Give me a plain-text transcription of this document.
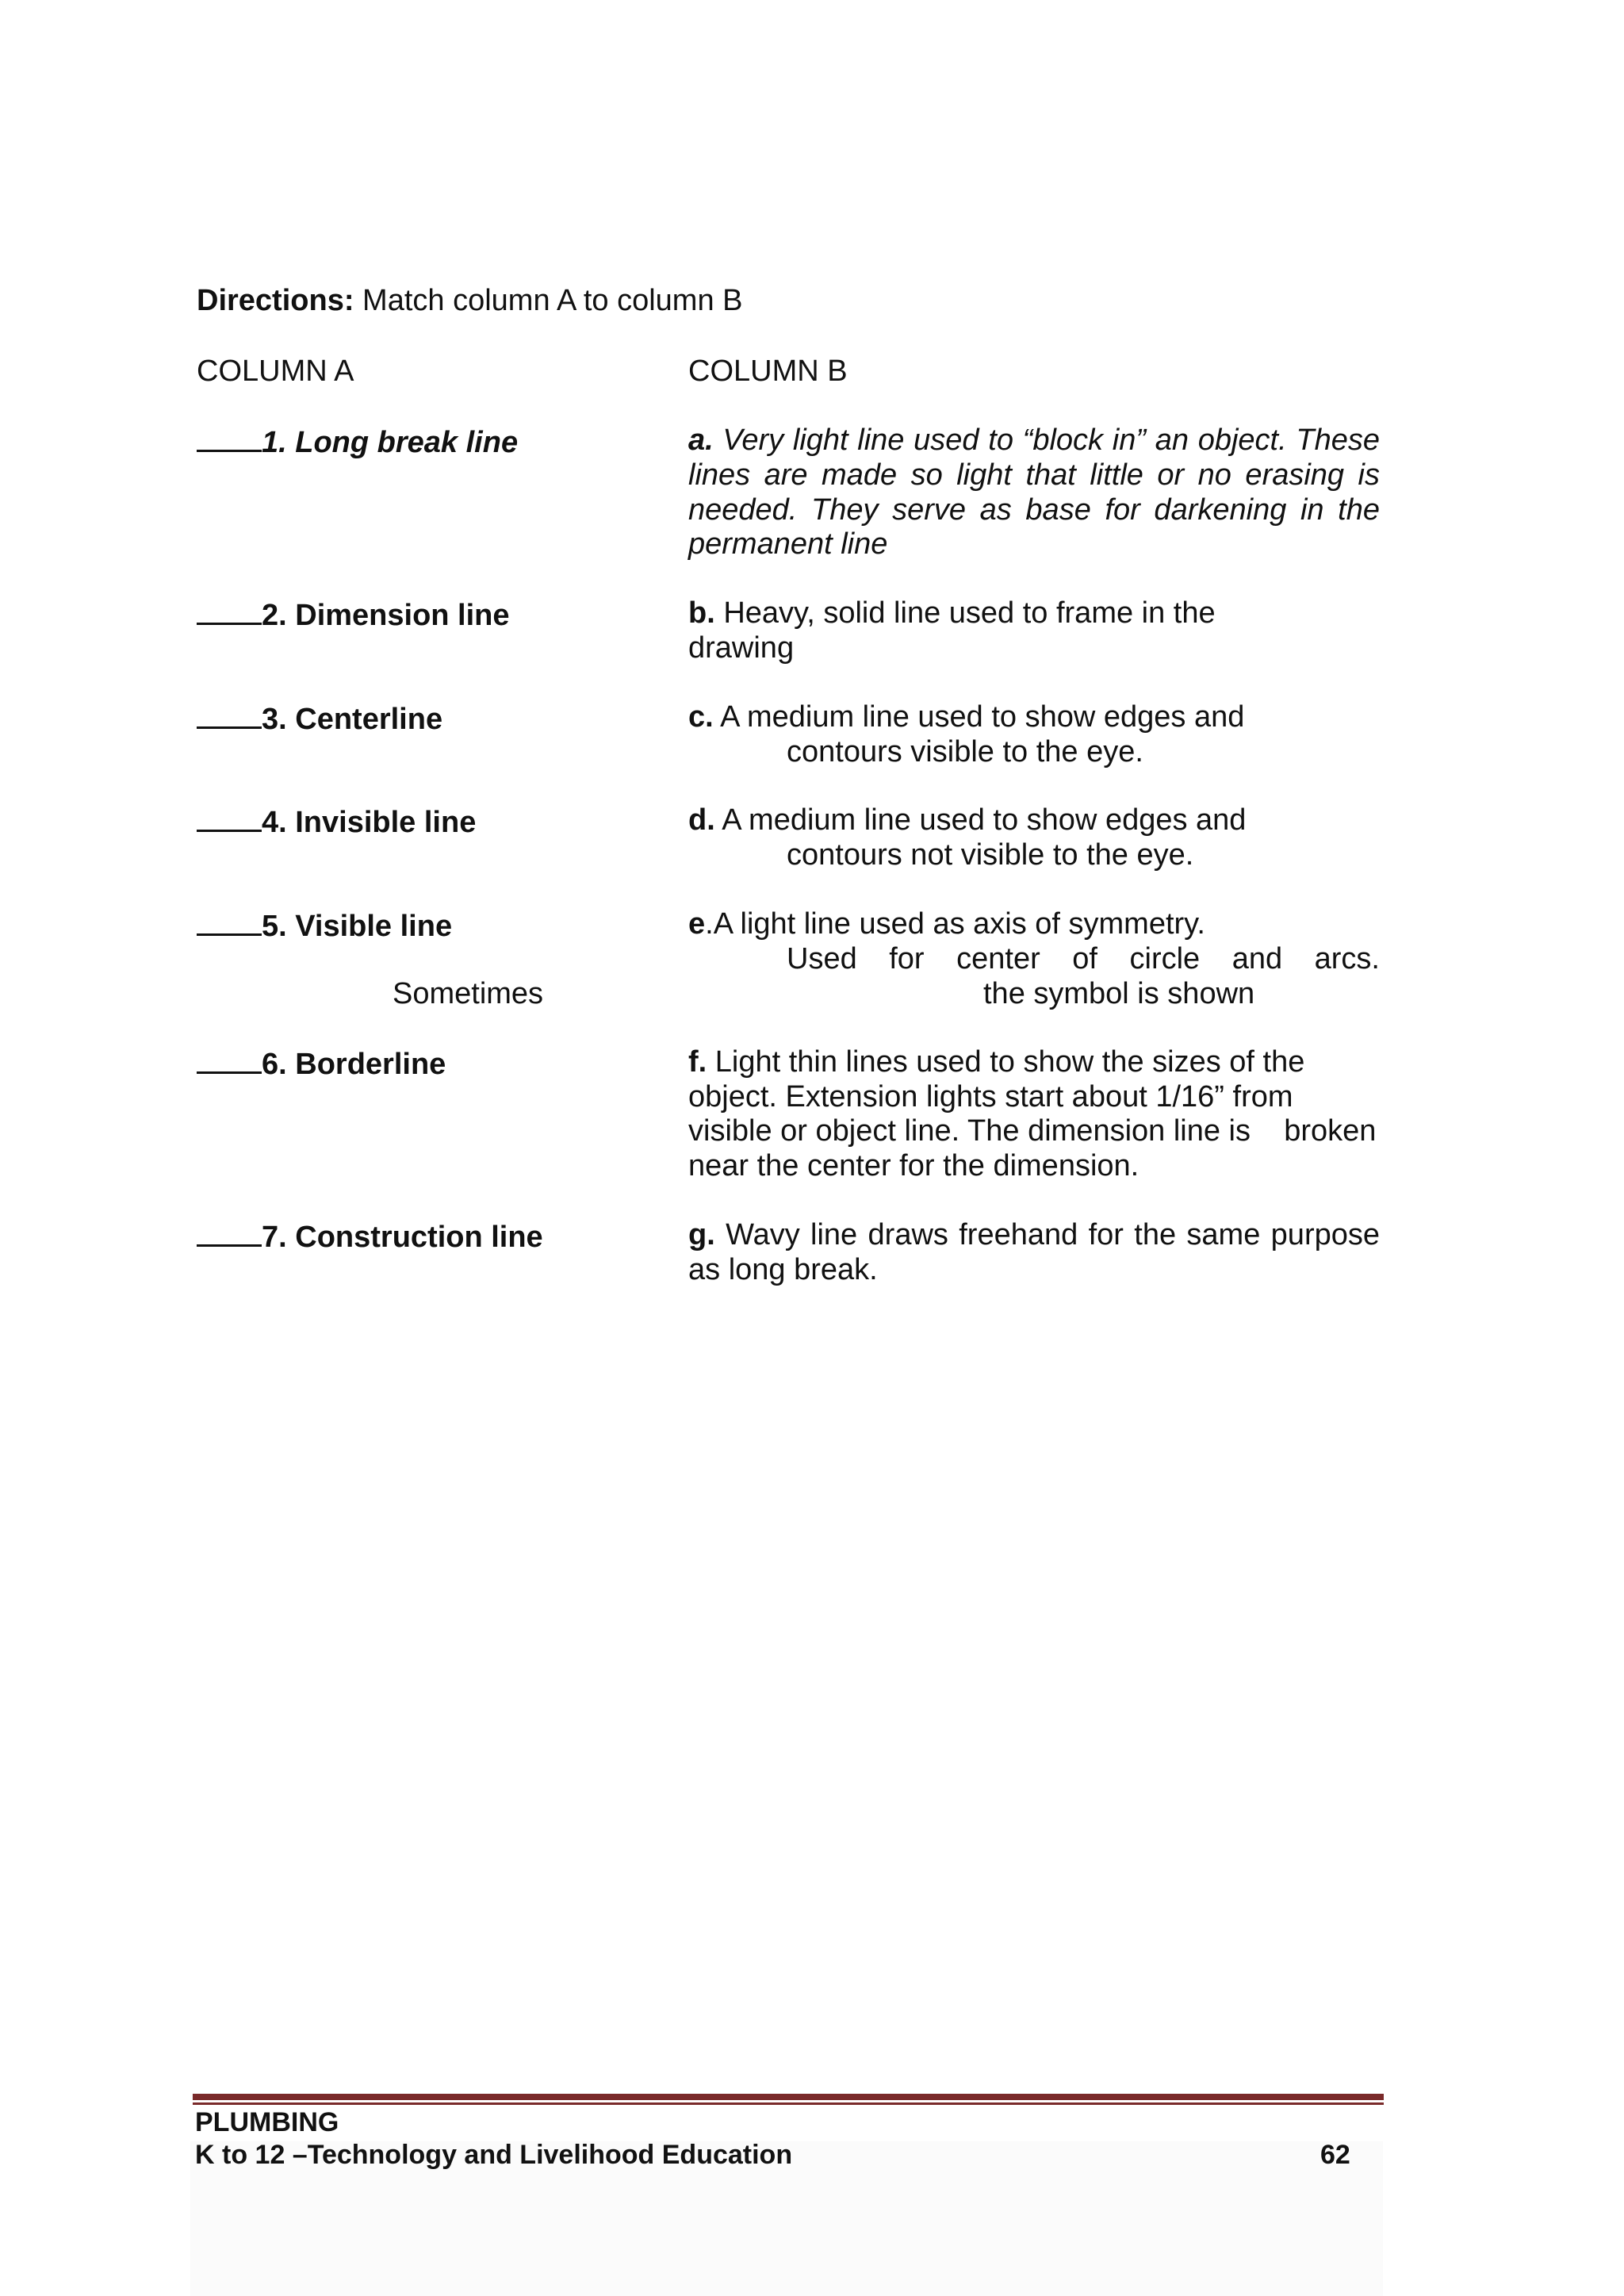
Directions: Match column A to column B
COLUMN A	COLUMN B
1. Long break line
2. Dimension line
3. Centerline
4. Invisible line
5. Visible line
Sometimes
6. Borderline
7. Construction line
a. Very light line used to “block in” an object. These
lines are made so light that little or no erasing is
needed. They serve as base for darkening in the
permanent line
b. Heavy, solid line used to frame in the
drawing
c. A medium line used to show edges and
contours visible to the eye.
d. A medium line used to show edges and
contours not visible to the eye.
e.A light line used as axis of symmetry.
Used for center of circle and arcs.
the symbol is shown
f. Light thin lines used to show the sizes of the
object. Extension lights start about 1/16” from
visible or object line. The dimension line is    broken
near the center for the dimension.
g. Wavy line draws freehand for the same purpose
as long break.
PLUMBING
K to 12 –Technology and Livelihood Education	62
